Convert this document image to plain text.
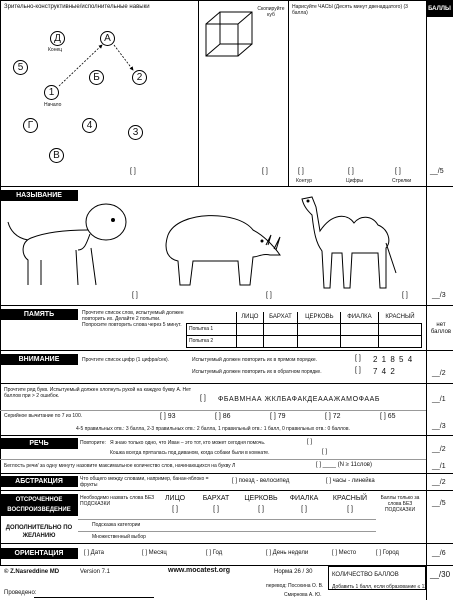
БАЛЛЫ
Зрительно-конструктивные/исполнительные навыки
Д
Конец
А
5
Б	2
1
Начало
Г	4
3
В
Скопируйте куб
Нарисуйте ЧАСЫ (Десять минут двенадцатого) (3 балла)
[ ]	[ ]	[ ]	[ ]	[ ]
Контур	Цифры	Стрелки
__/5
НАЗЫВАНИЕ
[ ]	[ ]	[ ]	__/3
ПАМЯТЬ	Прочтите список слов, испытуемый должен повторить их. Делайте 2 попытки. Попросите повторить слова через 5 минут.
	ЛИЦО	БАРХАТ	ЦЕРКОВЬ	ФИАЛКА	КРАСНЫЙ
Попытка 1					
Попытка 2					
нет баллов
ВНИМАНИЕ	Прочтите список цифр (1 цифра/сек).	Испытуемый должен повторить их в прямом порядке.
Испытуемый должен повторить их в обратном порядке.
[ ] 2 1 8 5 4
[ ] 7 4 2	__/2
Прочтите ряд букв. Испытуемый должен хлопнуть рукой на каждую букву А. Нет баллов при > 2 ошибок.	[ ] ФБАВМНАА ЖКЛБАФАКДЕАААЖАМОФААБ	__/1
Серийное вычитание по 7 из 100.	[ ] 93	[ ] 86	[ ] 79	[ ] 72	[ ] 65
4-5 правильных отв.: 3 балла, 2-3 правильных отв.: 2 балла, 1 правильный отв.: 1 балл, 0 правильных отв.: 0 баллов.	__/3
РЕЧЬ	Повторите: Я знаю только одно, что Иван – это тот, кто может сегодня помочь.
Кошка всегда пряталась под диваном, когда собаки были в комнате.
[ ]
[ ]	__/2
Беглость речи/ за одну минуту назовите максимальное количество слов, начинающихся на букву Л	[ ] ____ (N ≥ 11слов)	__/1
АБСТРАКЦИЯ	Что общего между словами, например, банан-яблоко = фрукты
[ ] поезд - велосипед	[ ] часы - линейка	__/2
ОТСРОЧЕННОЕ ВОСПРОИЗВЕДЕНИЕ
Необходимо назвать слова БЕЗ ПОДСКАЗКИ
ЛИЦО	БАРХАТ	ЦЕРКОВЬ	ФИАЛКА	КРАСНЫЙ
[ ]	[ ]	[ ]	[ ]	[ ]
Баллы только за слова БЕЗ ПОДСКАЗКИ
__/5
ДОПОЛНИТЕЛЬНО ПО ЖЕЛАНИЮ
Подсказка категории
Множественный выбор
ОРИЕНТАЦИЯ	[ ] Дата	[ ] Месяц	[ ] Год	[ ] День недели	[ ] Место	[ ] Город	__/6
© Z.Nasreddine MD	Version 7.1	www.mocatest.org	Норма 26 / 30	КОЛИЧЕСТВО БАЛЛОВ	__/30
перевод: Посохина О. В.
Смирнова А. Ю.
Добавить 1 балл, если образование ≤ 12
Проведено:
